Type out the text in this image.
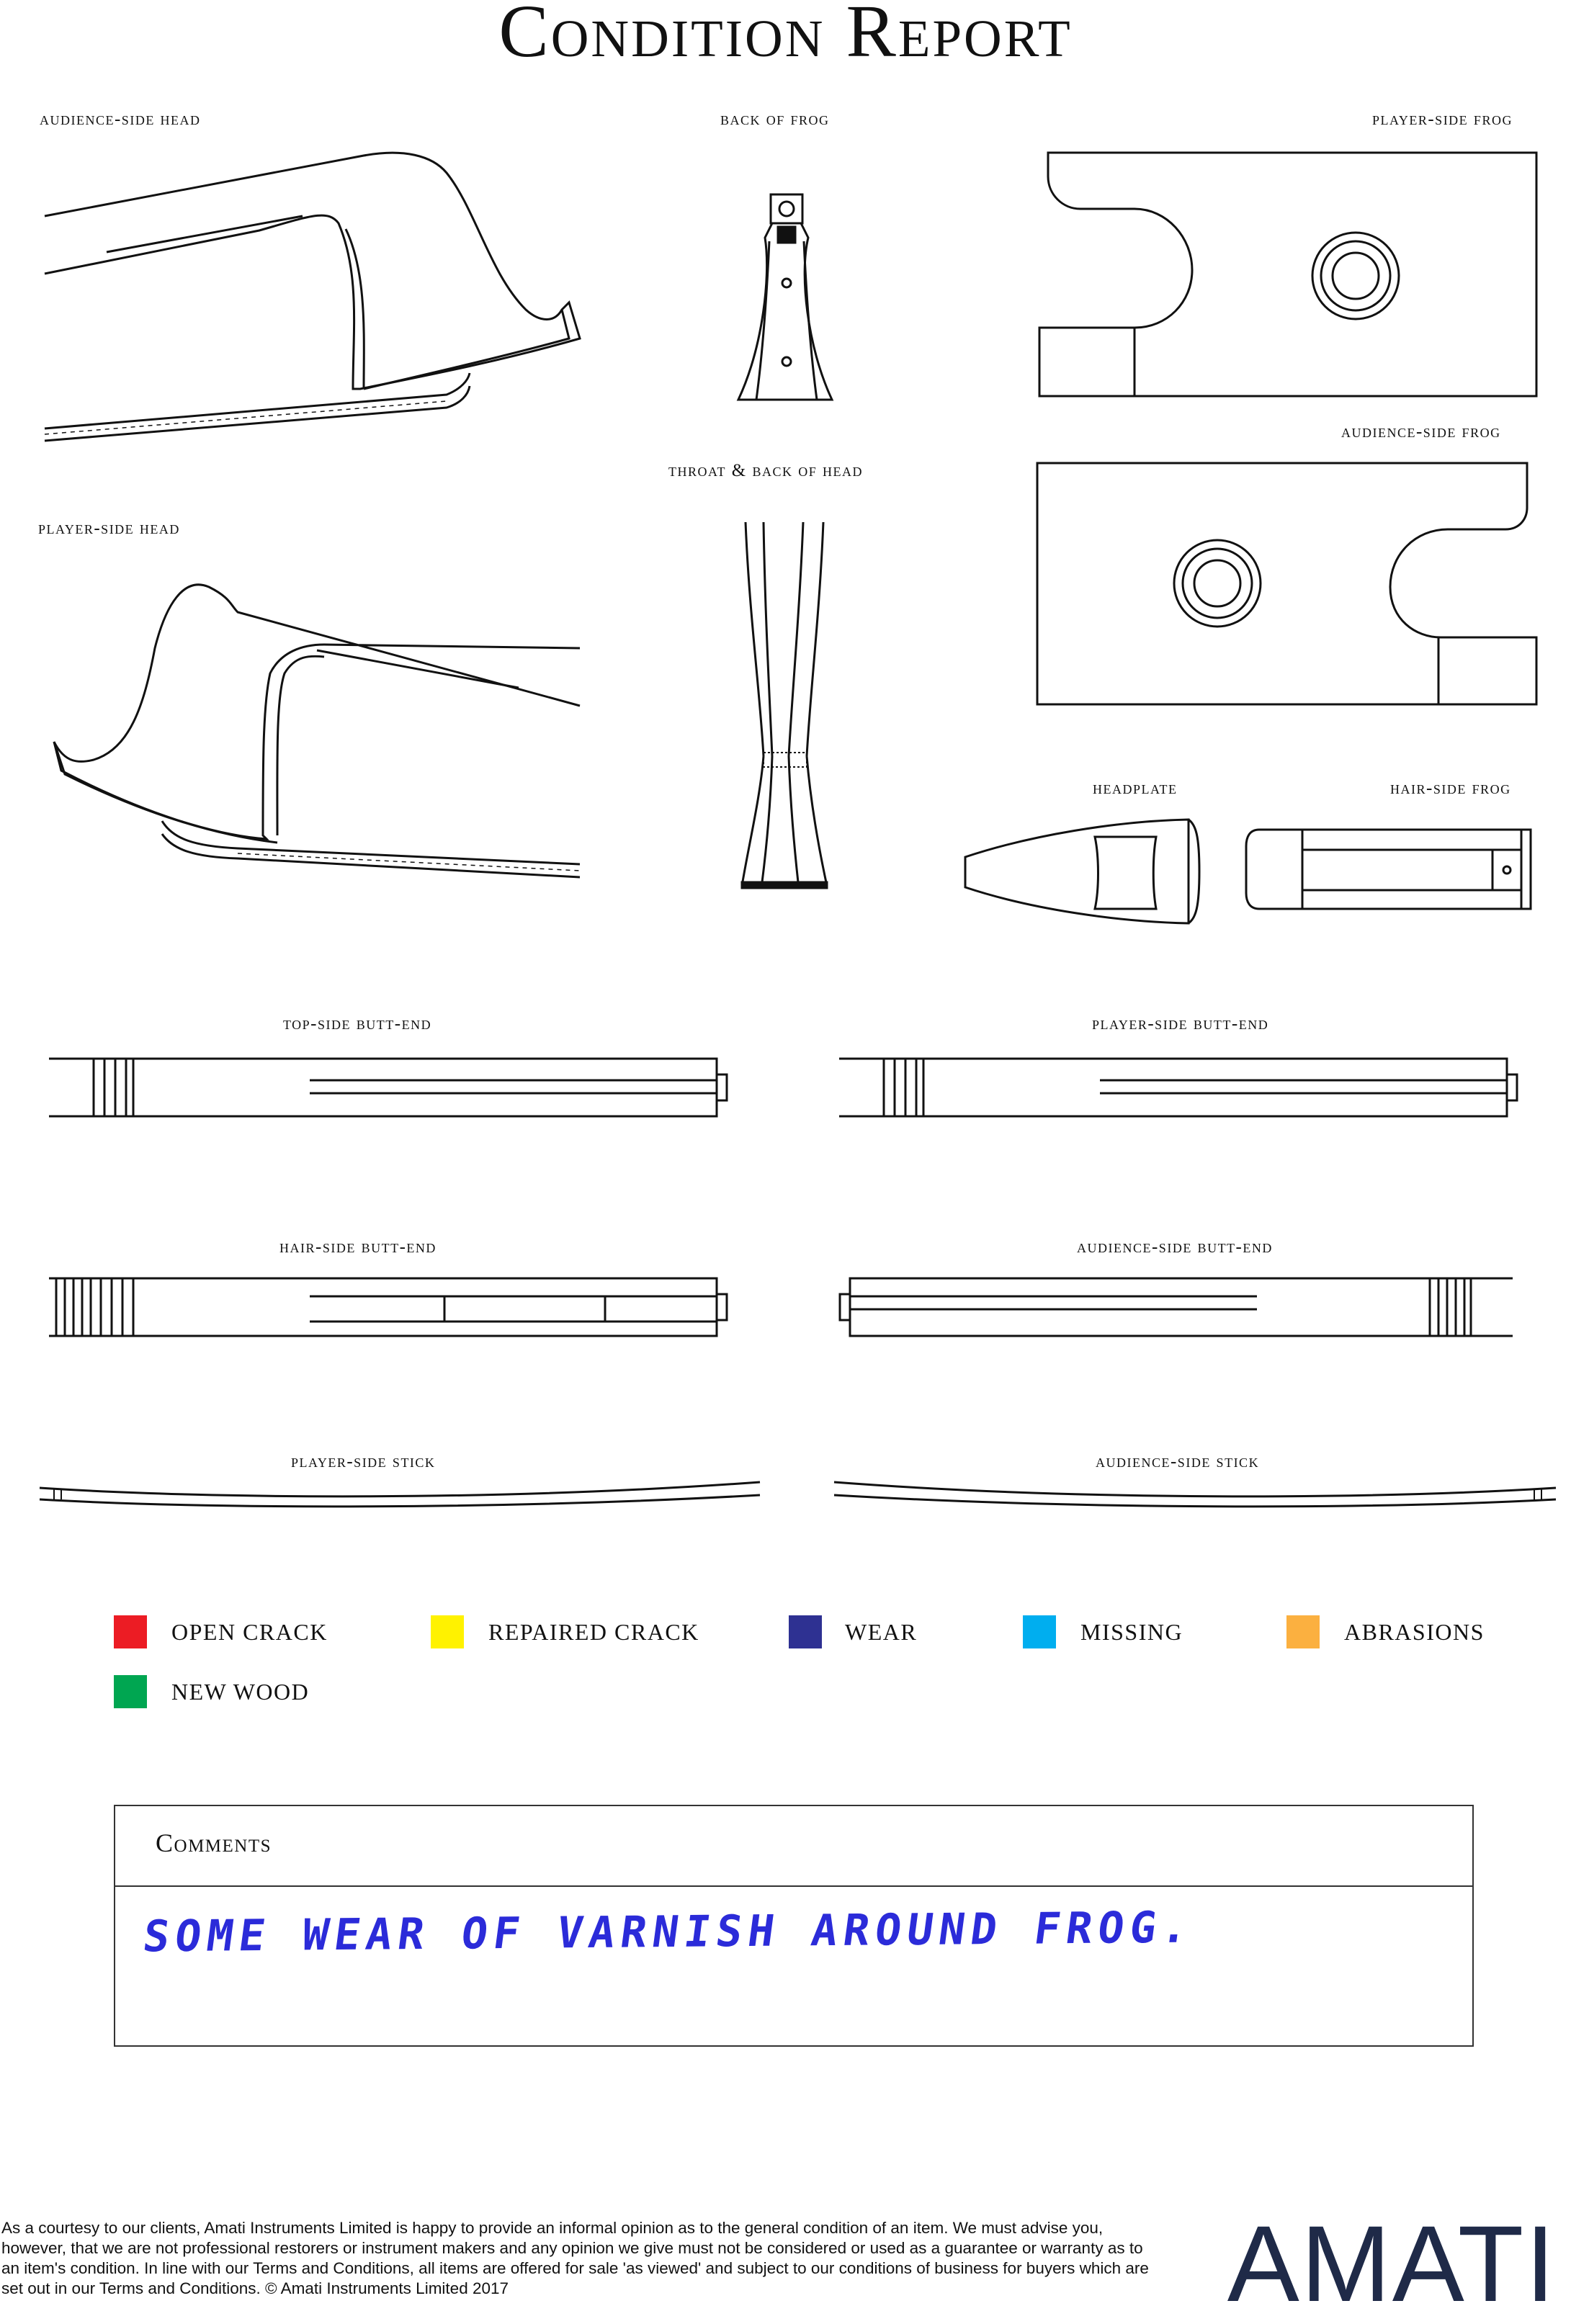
Condition Report
audience-side head	back of frog	player-side frog
audience-side frog
throat & back of head
player-side head
headplate	hair-side frog
top-side butt-end	player-side butt-end
hair-side butt-end	audience-side butt-end
player-side stick	audience-side stick
OPEN CRACK	REPAIRED CRACK	WEAR	MISSING	ABRASIONS
NEW WOOD
Comments
SOME WEAR OF VARNISH AROUND FROG.
As a courtesy to our clients, Amati Instruments Limited is happy to provide an informal opinion as to the general condition of an item. We must advise you, however, that we are not professional restorers or instrument makers and any opinion we give must not be considered or used as a guarantee or warranty as to an item's condition. In line with our Terms and Conditions, all items are offered for sale 'as viewed' and subject to our conditions of business for buyers which are set out in our Terms and Conditions. © Amati Instruments Limited 2017	AMATI
